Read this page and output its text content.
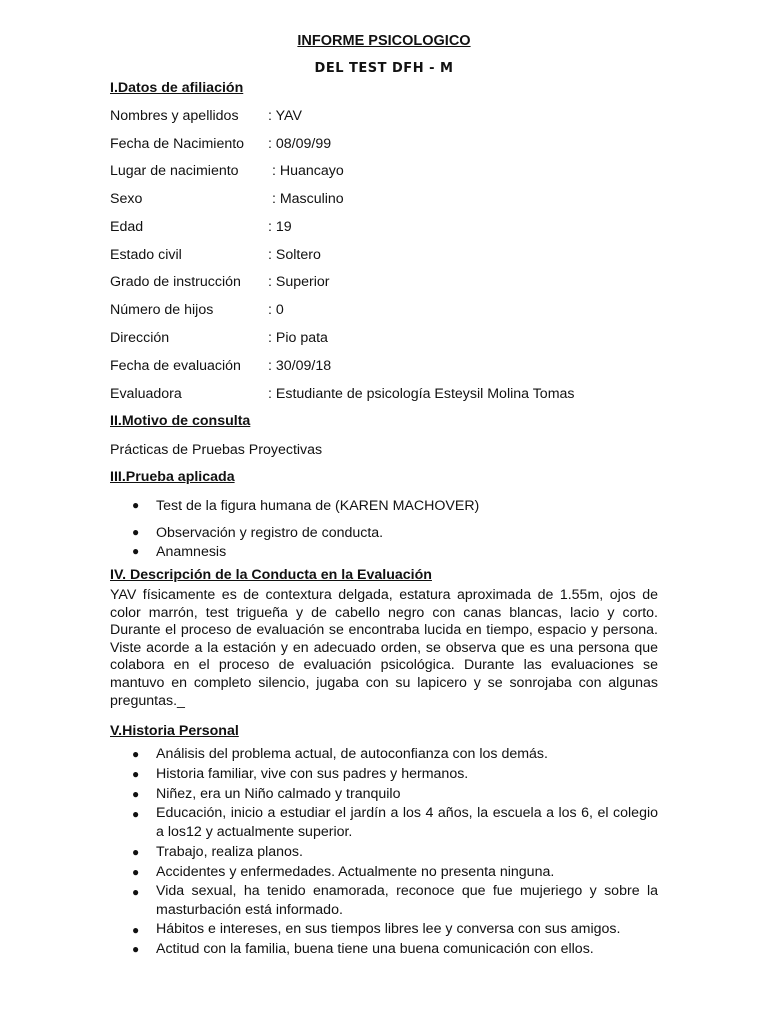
INFORME PSICOLOGICO
DEL TEST DFH - M
I.Datos de afiliación
Nombres y apellidos : YAV
Fecha de Nacimiento : 08/09/99
Lugar de nacimiento : Huancayo
Sexo	: Masculino
Edad	: 19
Estado civil	: Soltero
Grado de instrucción : Superior
Número de hijos	: 0
Dirección	: Pio pata
Fecha de evaluación : 30/09/18
Evaluadora	: Estudiante de psicología Esteysil Molina Tomas
II.Motivo de consulta
Prácticas de Pruebas Proyectivas
III.Prueba aplicada
● Test de la figura humana de (KAREN MACHOVER)
● Observación y registro de conducta.
● Anamnesis
IV. Descripción de la Conducta en la Evaluación
YAV físicamente es de contextura delgada, estatura aproximada de 1.55m, ojos de color marrón, test trigueña y de cabello negro con canas blancas, lacio y corto. Durante el proceso de evaluación se encontraba lucida en tiempo, espacio y persona. Viste acorde a la estación y en adecuado orden, se observa que es una persona que colabora en el proceso de evaluación psicológica. Durante las evaluaciones se mantuvo en completo silencio, jugaba con su lapicero y se sonrojaba con algunas preguntas._
V.Historia Personal
● Análisis del problema actual, de autoconfianza con los demás.
● Historia familiar, vive con sus padres y hermanos.
● Niñez, era un Niño calmado y tranquilo
● Educación, inicio a estudiar el jardín a los 4 años, la escuela a los 6, el colegio a los12 y actualmente superior.
● Trabajo, realiza planos.
● Accidentes y enfermedades. Actualmente no presenta ninguna.
● Vida sexual, ha tenido enamorada, reconoce que fue mujeriego y sobre la masturbación está informado.
● Hábitos e intereses, en sus tiempos libres lee y conversa con sus amigos.
● Actitud con la familia, buena tiene una buena comunicación con ellos.
